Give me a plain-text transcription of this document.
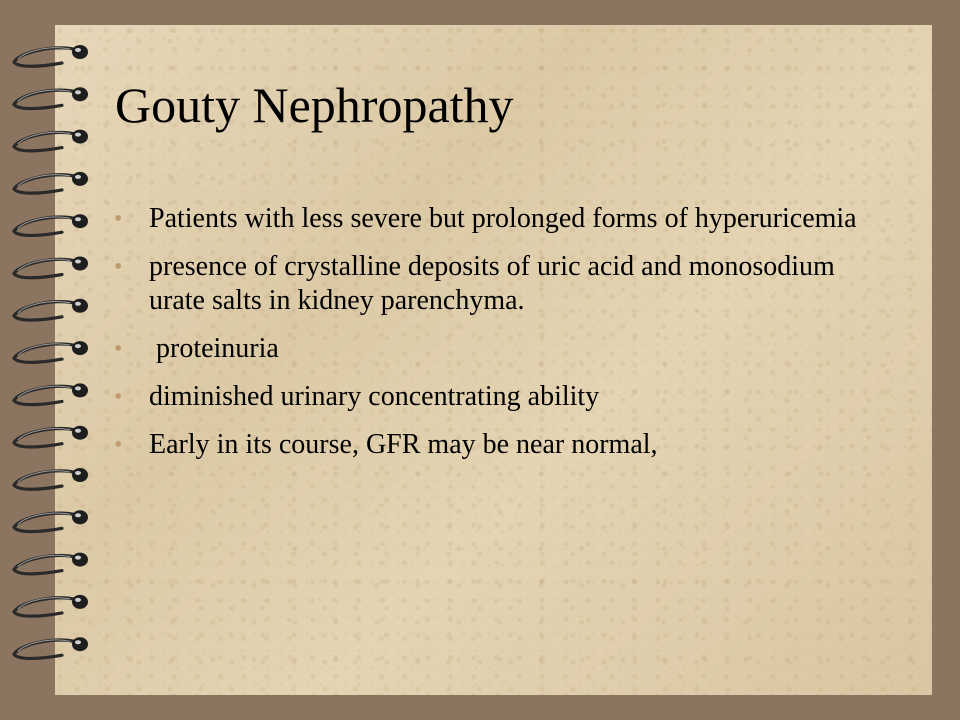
Gouty Nephropathy
• Patients with less severe but prolonged forms of hyperuricemia
• presence of crystalline deposits of uric acid and monosodium urate salts in kidney parenchyma.
• proteinuria
• diminished urinary concentrating ability
• Early in its course, GFR may be near normal,
